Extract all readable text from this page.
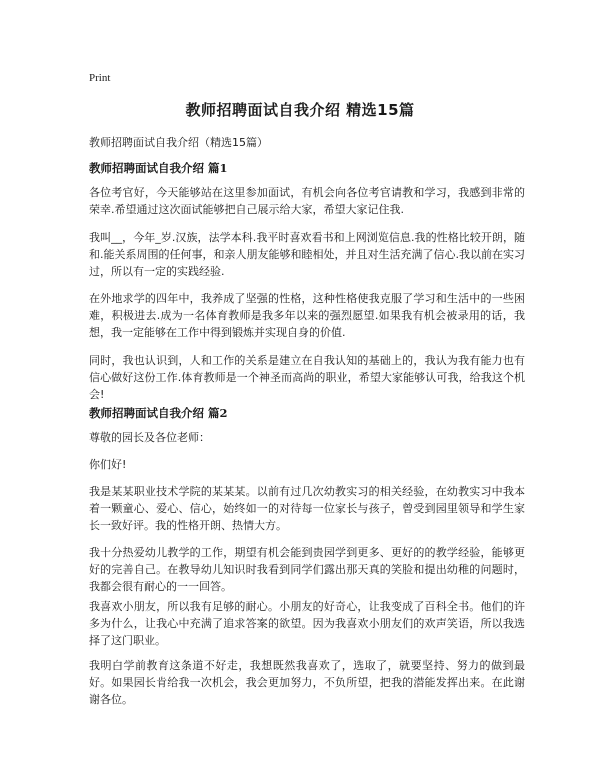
Print
教师招聘面试自我介绍 精选15篇
教师招聘面试自我介绍（精选15篇）
教师招聘面试自我介绍 篇1

各位考官好，今天能够站在这里参加面试，有机会向各位考官请教和学习，我感到非常的荣幸.希望通过这次面试能够把自己展示给大家，希望大家记住我.

我叫__，今年_岁.汉族，法学本科.我平时喜欢看书和上网浏览信息.我的性格比较开朗，随和.能关系周围的任何事，和亲人朋友能够和睦相处，并且对生活充满了信心.我以前在实习过，所以有一定的实践经验.

在外地求学的四年中，我养成了坚强的性格，这种性格使我克服了学习和生活中的一些困难，积极进去.成为一名体育教师是我多年以来的强烈愿望.如果我有机会被录用的话，我想，我一定能够在工作中得到锻炼并实现自身的价值.

同时，我也认识到，人和工作的关系是建立在自我认知的基础上的，我认为我有能力也有信心做好这份工作.体育教师是一个神圣而高尚的职业，希望大家能够认可我，给我这个机会!

教师招聘面试自我介绍 篇2

尊敬的园长及各位老师：

你们好!

我是某某职业技术学院的某某某。以前有过几次幼教实习的相关经验，在幼教实习中我本着一颗童心、爱心、信心，始终如一的对待每一位家长与孩子，曾受到园里领导和学生家长一致好评。我的性格开朗、热情大方。

我十分热爱幼儿教学的工作，期望有机会能到贵园学到更多、更好的的教学经验，能够更好的完善自己。在教导幼儿知识时我看到同学们露出那天真的笑脸和提出幼稚的问题时，我都会很有耐心的一一回答。

我喜欢小朋友，所以我有足够的耐心。小朋友的好奇心，让我变成了百科全书。他们的许多为什么，让我心中充满了追求答案的欲望。因为我喜欢小朋友们的欢声笑语，所以我选择了这门职业。

我明白学前教育这条道不好走，我想既然我喜欢了，选取了，就要坚持、努力的做到最好。如果园长肯给我一次机会，我会更加努力，不负所望，把我的潜能发挥出来。在此谢谢各位。
